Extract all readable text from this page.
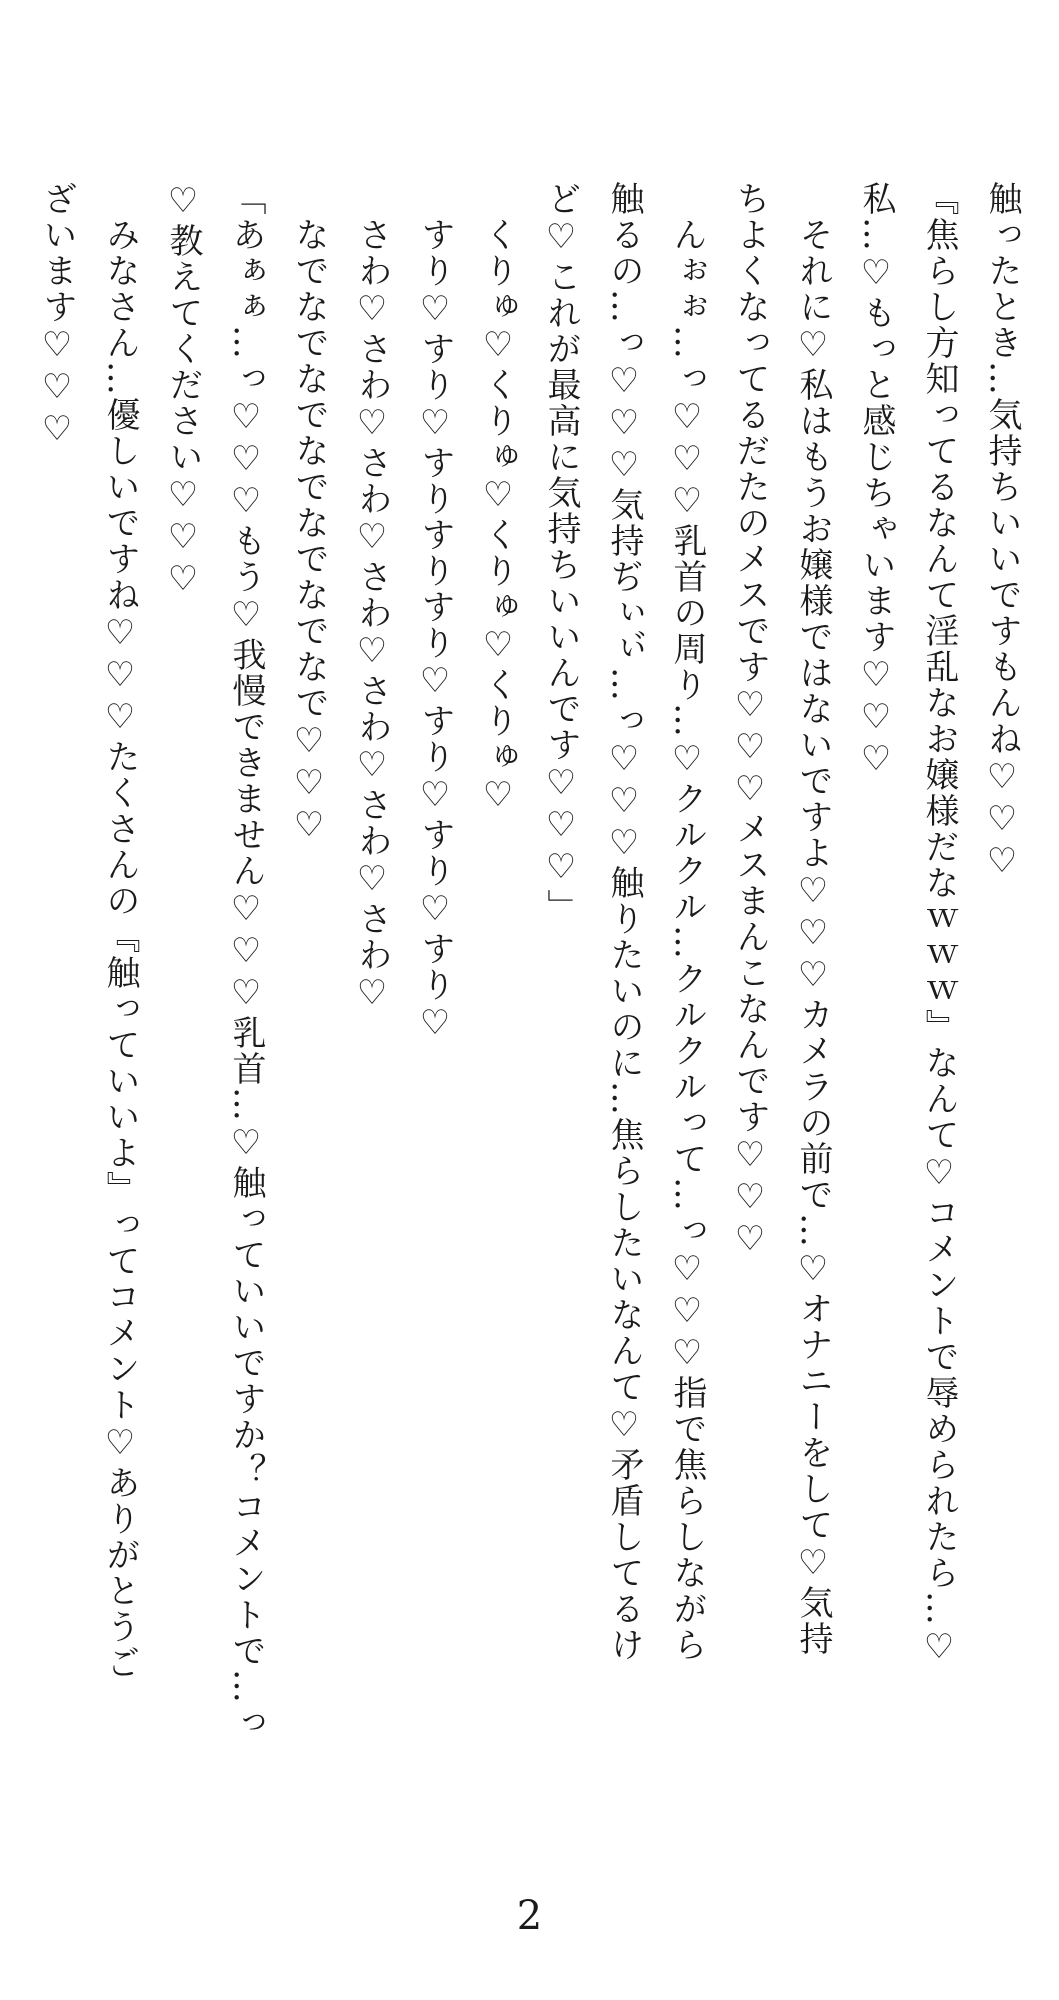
触ったとき…気持ちいいですもんね♡♡♡
『焦らし方知ってるなんて淫乱なお嬢様だなｗｗｗ』なんて♡コメントで辱められたら…♡
私…♡もっと感じちゃいます♡♡♡
それに♡私はもうお嬢様ではないですよ♡♡♡カメラの前で…♡オナニーをして♡気持
ちよくなってるだたのメスです♡♡♡メスまんこなんです♡♡♡
んぉぉ…っ♡♡♡乳首の周り…♡クルクル…クルクルって…っ♡♡♡指で焦らしながら
触るの…っ♡♡♡気持ぢぃぃ゙…っ♡♡♡触りたいのに…焦らしたいなんて♡矛盾してるけ
ど♡これが最高に気持ちいいんです♡♡♡」
くりゅ♡くりゅ♡くりゅ♡くりゅ♡
すり♡すり♡すりすりすり♡すり♡すり♡すり♡
さわ♡さわ♡さわ♡さわ♡さわ♡さわ♡さわ♡
なでなでなでなでなでなでなで♡♡♡
「あぁぁ…っ♡♡♡もう♡我慢できません♡♡♡乳首…♡触っていいですか？コメントで…っ
♡教えてください♡♡♡
みなさん…優しいですね♡♡♡たくさんの『触っていいよ』ってコメント♡ありがとうご
ざいます♡♡♡
2
